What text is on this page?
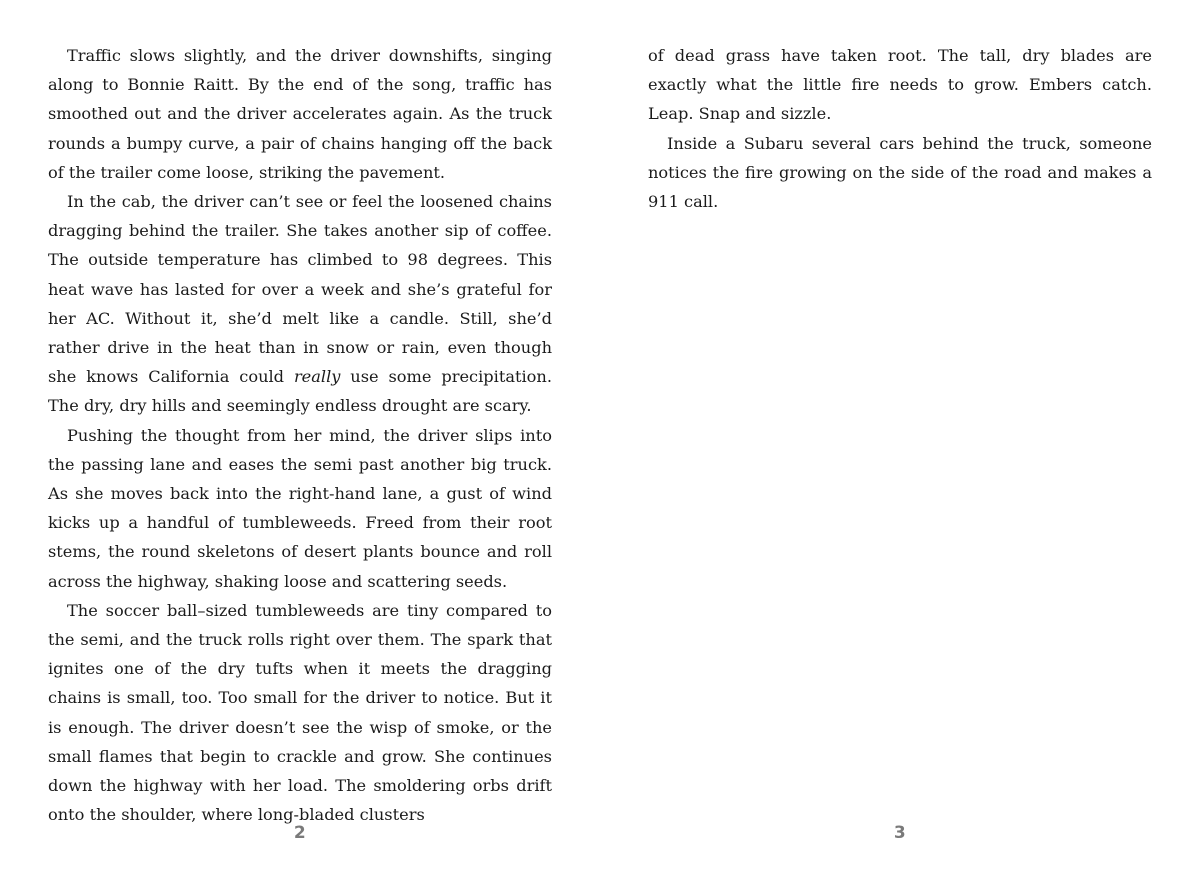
Traffic slows slightly, and the driver downshifts, singing along to Bonnie Raitt. By the end of the song, traffic has smoothed out and the driver accelerates again. As the truck rounds a bumpy curve, a pair of chains hanging off the back of the trailer come loose, striking the pavement.

In the cab, the driver can’t see or feel the loosened chains dragging behind the trailer. She takes another sip of coffee. The outside temperature has climbed to 98 degrees. This heat wave has lasted for over a week and she’s grateful for her AC. Without it, she’d melt like a candle. Still, she’d rather drive in the heat than in snow or rain, even though she knows California could really use some precipitation. The dry, dry hills and seemingly endless drought are scary.

Pushing the thought from her mind, the driver slips into the passing lane and eases the semi past another big truck. As she moves back into the right-hand lane, a gust of wind kicks up a handful of tumbleweeds. Freed from their root stems, the round skeletons of desert plants bounce and roll across the highway, shaking loose and scattering seeds.

The soccer ball–sized tumbleweeds are tiny compared to the semi, and the truck rolls right over them. The spark that ignites one of the dry tufts when it meets the dragging chains is small, too. Too small for the driver to notice. But it is enough. The driver doesn’t see the wisp of smoke, or the small flames that begin to crackle and grow. She continues down the highway with her load. The smoldering orbs drift onto the shoulder, where long-bladed clusters

2

of dead grass have taken root. The tall, dry blades are exactly what the little fire needs to grow. Embers catch. Leap. Snap and sizzle.

Inside a Subaru several cars behind the truck, someone notices the fire growing on the side of the road and makes a 911 call.

3
